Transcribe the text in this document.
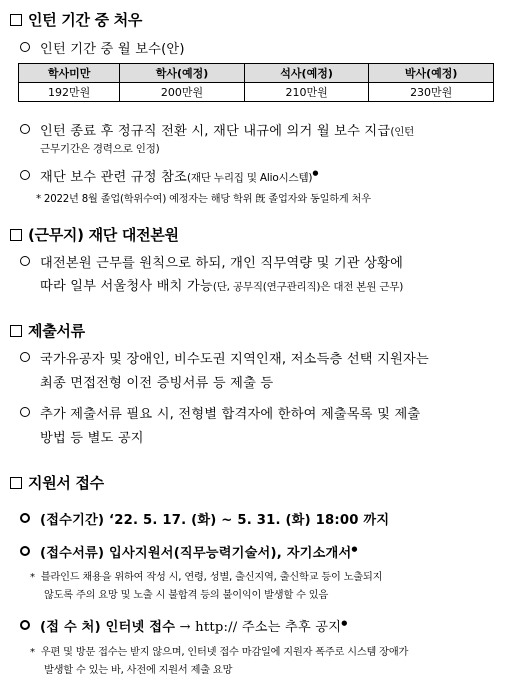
인턴 기간 중 처우
인턴 기간 중 월 보수(안)
학사미만	학사(예정)	석사(예정)	박사(예정)
192만원	200만원	210만원	230만원
인턴 종료 후 정규직 전환 시, 재단 내규에 의거 월 보수 지급(인턴
근무기간은 경력으로 인정)
재단 보수 관련 규정 참조(재단 누리집 및 Alio시스템)●
* 2022년 8월 졸업(학위수여) 예정자는 해당 학위 旣 졸업자와 동일하게 처우
(근무지) 재단 대전본원
대전본원 근무를 원칙으로 하되, 개인 직무역량 및 기관 상황에
따라 일부 서울청사 배치 가능(단, 공무직(연구관리직)은 대전 본원 근무)
제출서류
국가유공자 및 장애인, 비수도권 지역인재, 저소득층 선택 지원자는
최종 면접전형 이전 증빙서류 등 제출 등
추가 제출서류 필요 시, 전형별 합격자에 한하여 제출목록 및 제출
방법 등 별도 공지
지원서 접수
(접수기간) ‘22. 5. 17. (화) ~ 5. 31. (화) 18:00 까지
(접수서류) 입사지원서(직무능력기술서), 자기소개서●
* 블라인드 채용을 위하여 작성 시, 연령, 성별, 출신지역, 출신학교 등이 노출되지
않도록 주의 요망 및 노출 시 불합격 등의 불이익이 발생할 수 있음
(접 수 처) 인터넷 접수 → http:// 주소는 추후 공지●
* 우편 및 방문 접수는 받지 않으며, 인터넷 접수 마감일에 지원자 폭주로 시스템 장애가
발생할 수 있는 바, 사전에 지원서 제출 요망
